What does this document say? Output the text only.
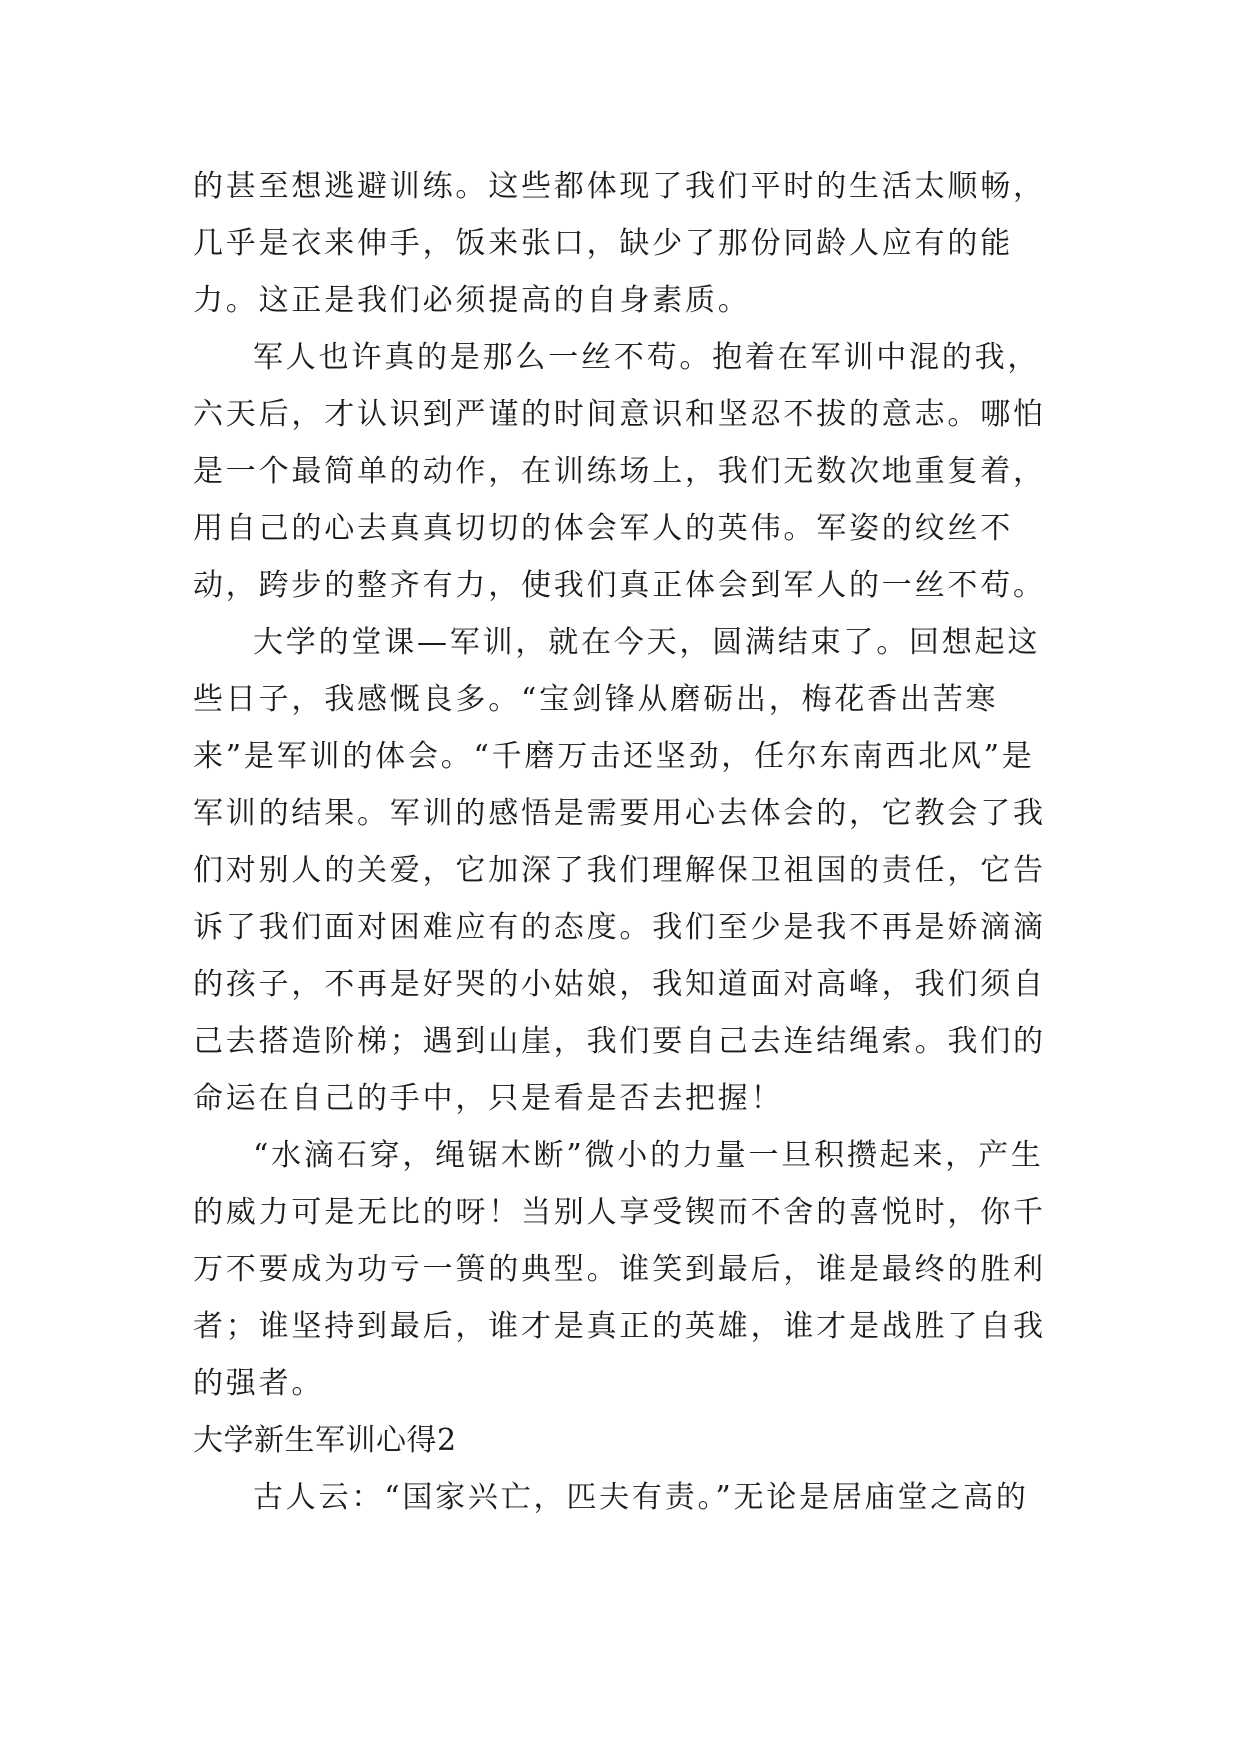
的甚至想逃避训练。这些都体现了我们平时的生活太顺畅，几乎是衣来伸手，饭来张口，缺少了那份同龄人应有的能力。这正是我们必须提高的自身素质。

军人也许真的是那么一丝不苟。抱着在军训中混的我，六天后，才认识到严谨的时间意识和坚忍不拔的意志。哪怕是一个最简单的动作，在训练场上，我们无数次地重复着，用自己的心去真真切切的体会军人的英伟。军姿的纹丝不动，跨步的整齐有力，使我们真正体会到军人的一丝不苟。

大学的堂课—军训，就在今天，圆满结束了。回想起这些日子，我感慨良多。“宝剑锋从磨砺出，梅花香出苦寒来”是军训的体会。“千磨万击还坚劲，任尔东南西北风”是军训的结果。军训的感悟是需要用心去体会的，它教会了我们对别人的关爱，它加深了我们理解保卫祖国的责任，它告诉了我们面对困难应有的态度。我们至少是我不再是娇滴滴的孩子，不再是好哭的小姑娘，我知道面对高峰，我们须自己去搭造阶梯；遇到山崖，我们要自己去连结绳索。我们的命运在自己的手中，只是看是否去把握！

“水滴石穿，绳锯木断”微小的力量一旦积攒起来，产生的威力可是无比的呀！当别人享受锲而不舍的喜悦时，你千万不要成为功亏一篑的典型。谁笑到最后，谁是最终的胜利者；谁坚持到最后，谁才是真正的英雄，谁才是战胜了自我的强者。

大学新生军训心得2

古人云：“国家兴亡，匹夫有责。”无论是居庙堂之高的
